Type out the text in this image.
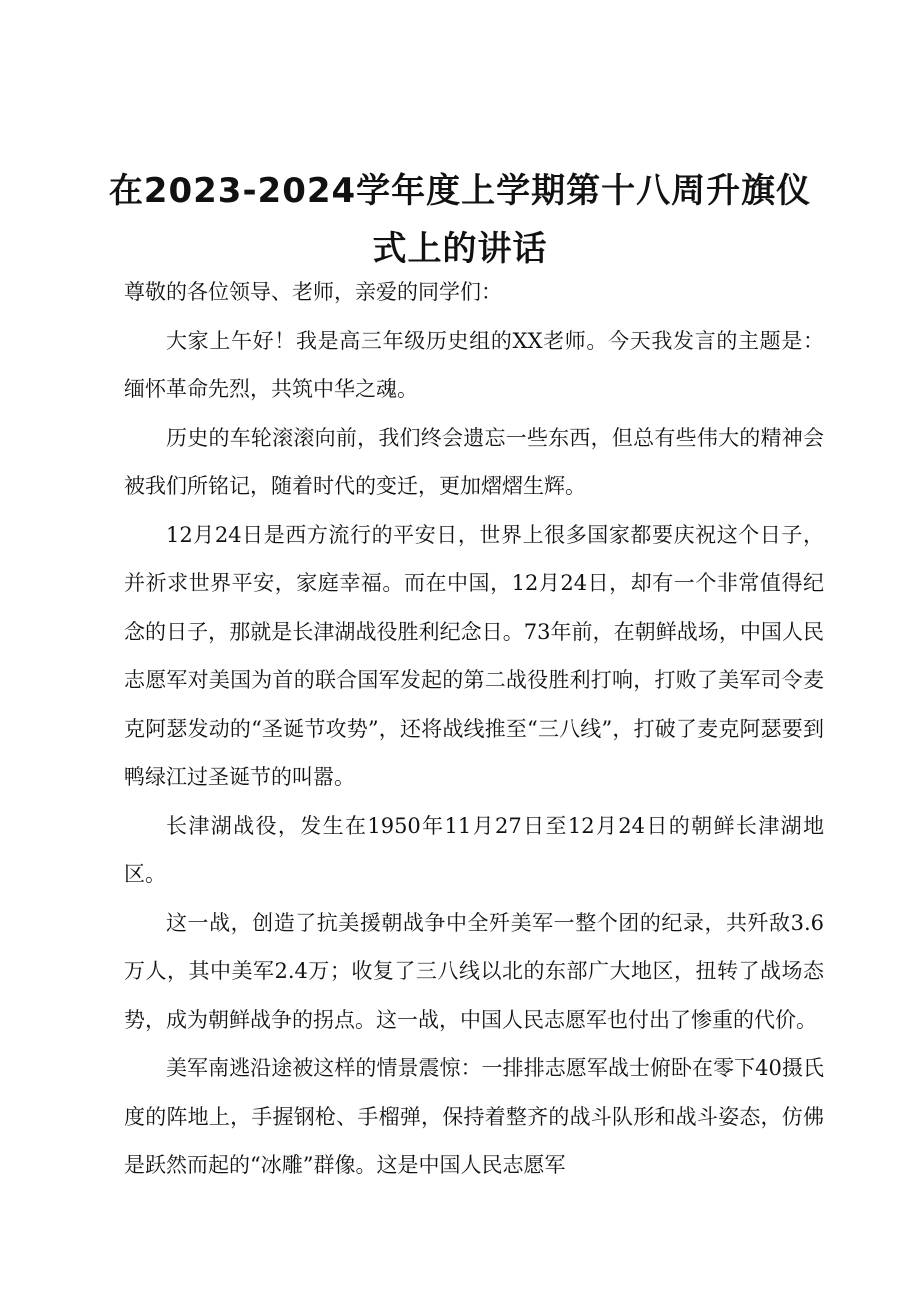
在2023-2024学年度上学期第十八周升旗仪
式上的讲话

尊敬的各位领导、老师，亲爱的同学们：

大家上午好！我是高三年级历史组的XX老师。今天我发言的主题是：缅怀革命先烈，共筑中华之魂。

历史的车轮滚滚向前，我们终会遗忘一些东西，但总有些伟大的精神会被我们所铭记，随着时代的变迁，更加熠熠生辉。

12月24日是西方流行的平安日，世界上很多国家都要庆祝这个日子，并祈求世界平安，家庭幸福。而在中国，12月24日，却有一个非常值得纪念的日子，那就是长津湖战役胜利纪念日。73年前，在朝鲜战场，中国人民志愿军对美国为首的联合国军发起的第二战役胜利打响，打败了美军司令麦克阿瑟发动的“圣诞节攻势”，还将战线推至“三八线”，打破了麦克阿瑟要到鸭绿江过圣诞节的叫嚣。

长津湖战役，发生在1950年11月27日至12月24日的朝鲜长津湖地区。

这一战，创造了抗美援朝战争中全歼美军一整个团的纪录，共歼敌3.6万人，其中美军2.4万；收复了三八线以北的东部广大地区，扭转了战场态势，成为朝鲜战争的拐点。这一战，中国人民志愿军也付出了惨重的代价。

美军南逃沿途被这样的情景震惊：一排排志愿军战士俯卧在零下40摄氏度的阵地上，手握钢枪、手榴弹，保持着整齐的战斗队形和战斗姿态，仿佛是跃然而起的“冰雕”群像。这是中国人民志愿军
